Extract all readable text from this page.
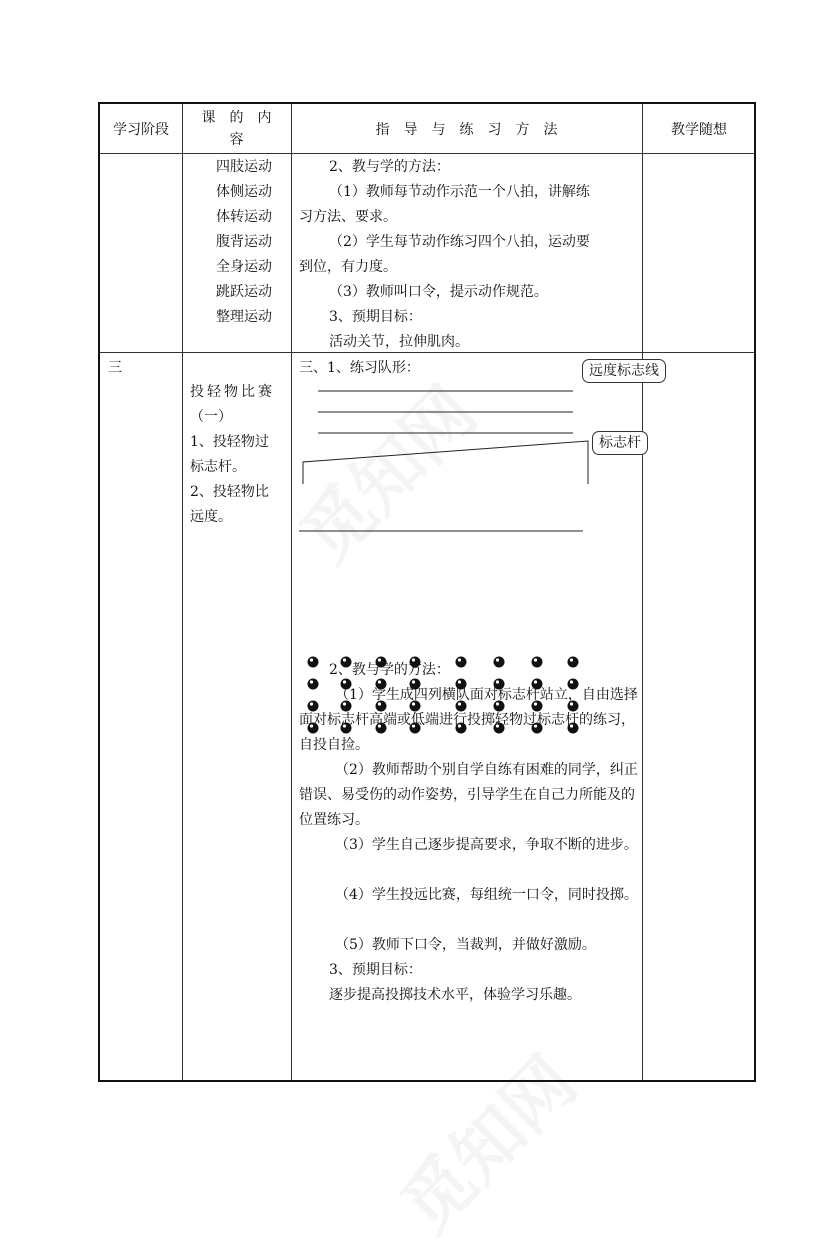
学习阶段
课　的　内
容
指　导　与　练　习　方　法	教学随想
四肢运动
体侧运动
体转运动
腹背运动
全身运动
跳跃运动
整理运动
2、教与学的方法：
（1）教师每节动作示范一个八拍，讲解练
习方法、要求。
（2）学生每节动作练习四个八拍，运动要
到位，有力度。
（3）教师叫口令，提示动作规范。
3、预期目标：
活动关节，拉伸肌肉。
三
投轻物比赛
（一）
1、投轻物过
标志杆。
2、投轻物比
远度。
三、1、练习队形：	远度标志线
标志杆
2、教与学的方法：
（1）学生成四列横队面对标志杆站立，自由选择面对标志杆高端或低端进行投掷轻物过标志杆的练习，自投自捡。
（2）教师帮助个别自学自练有困难的同学，纠正错误、易受伤的动作姿势，引导学生在自己力所能及的位置练习。
（3）学生自己逐步提高要求，争取不断的进步。
（4）学生投远比赛，每组统一口令，同时投掷。
（5）教师下口令，当裁判，并做好激励。
3、预期目标：
逐步提高投掷技术水平，体验学习乐趣。
